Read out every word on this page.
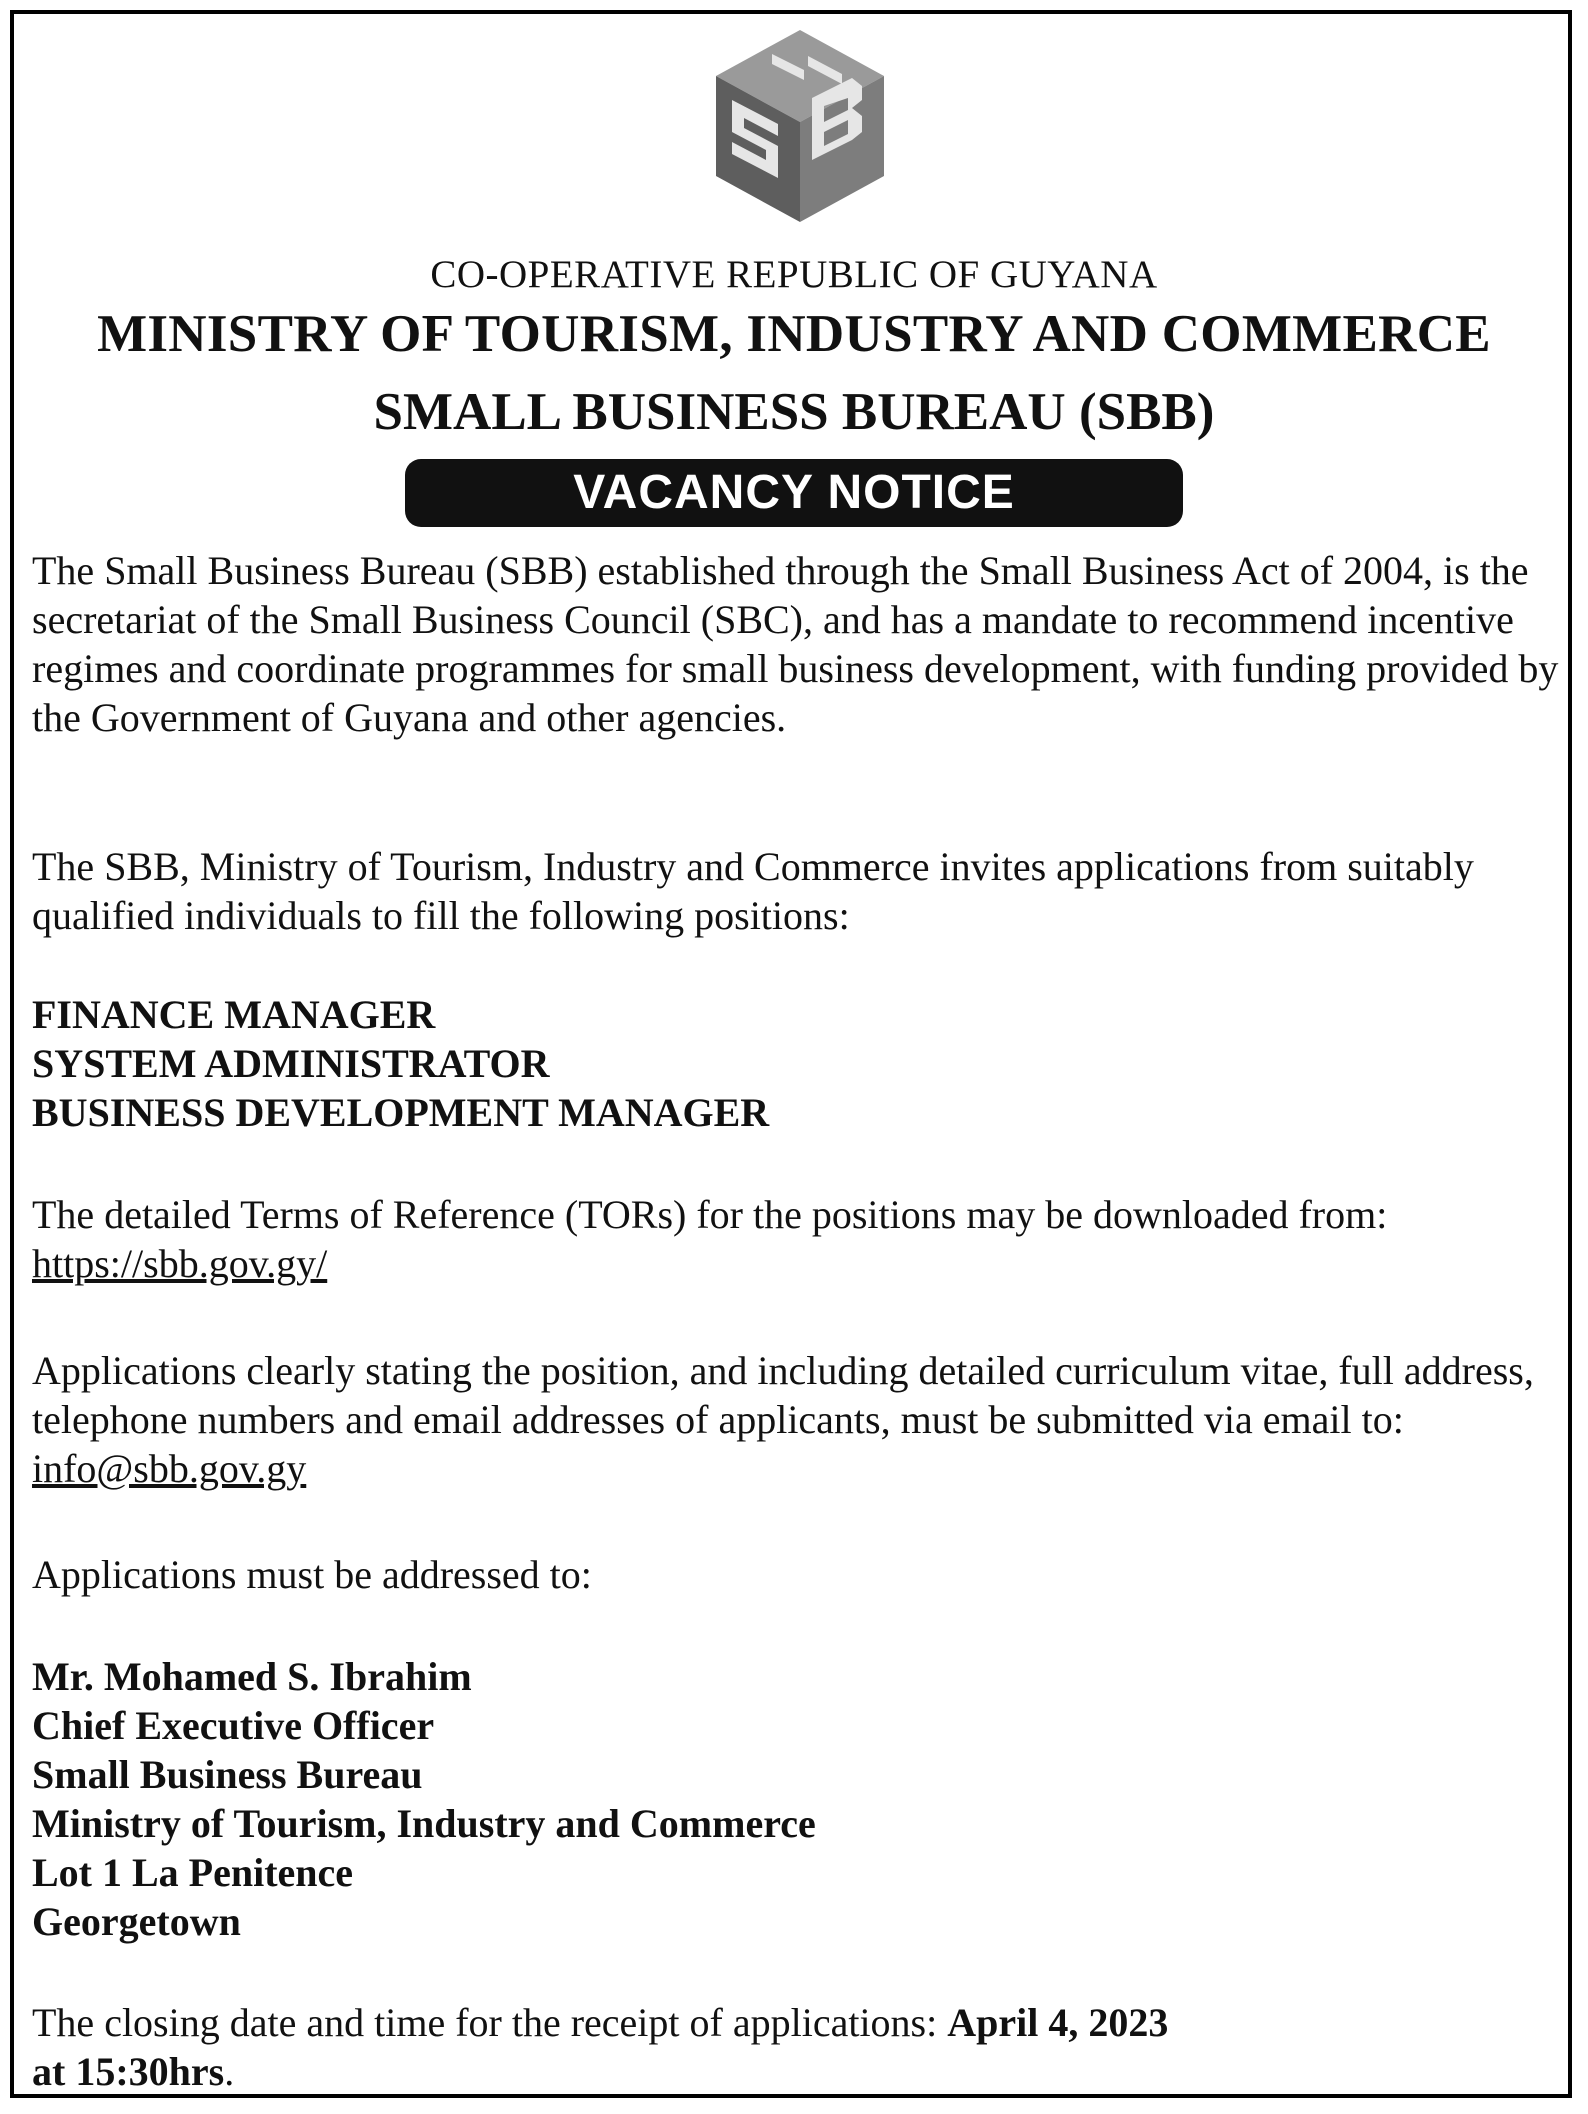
CO-OPERATIVE REPUBLIC OF GUYANA
MINISTRY OF TOURISM, INDUSTRY AND COMMERCE
SMALL BUSINESS BUREAU (SBB)
VACANCY NOTICE
The Small Business Bureau (SBB) established through the Small Business Act of 2004, is the secretariat of the Small Business Council (SBC), and has a mandate to recommend incentive regimes and coordinate programmes for small business development, with funding provided by the Government of Guyana and other agencies.
The SBB, Ministry of Tourism, Industry and Commerce invites applications from suitably qualified individuals to fill the following positions:
FINANCE MANAGER
SYSTEM ADMINISTRATOR
BUSINESS DEVELOPMENT MANAGER
The detailed Terms of Reference (TORs) for the positions may be downloaded from: https://sbb.gov.gy/
Applications clearly stating the position, and including detailed curriculum vitae, full address, telephone numbers and email addresses of applicants, must be submitted via email to: info@sbb.gov.gy
Applications must be addressed to:
Mr. Mohamed S. Ibrahim
Chief Executive Officer
Small Business Bureau
Ministry of Tourism, Industry and Commerce
Lot 1 La Penitence
Georgetown
The closing date and time for the receipt of applications: April 4, 2023
at 15:30hrs.
